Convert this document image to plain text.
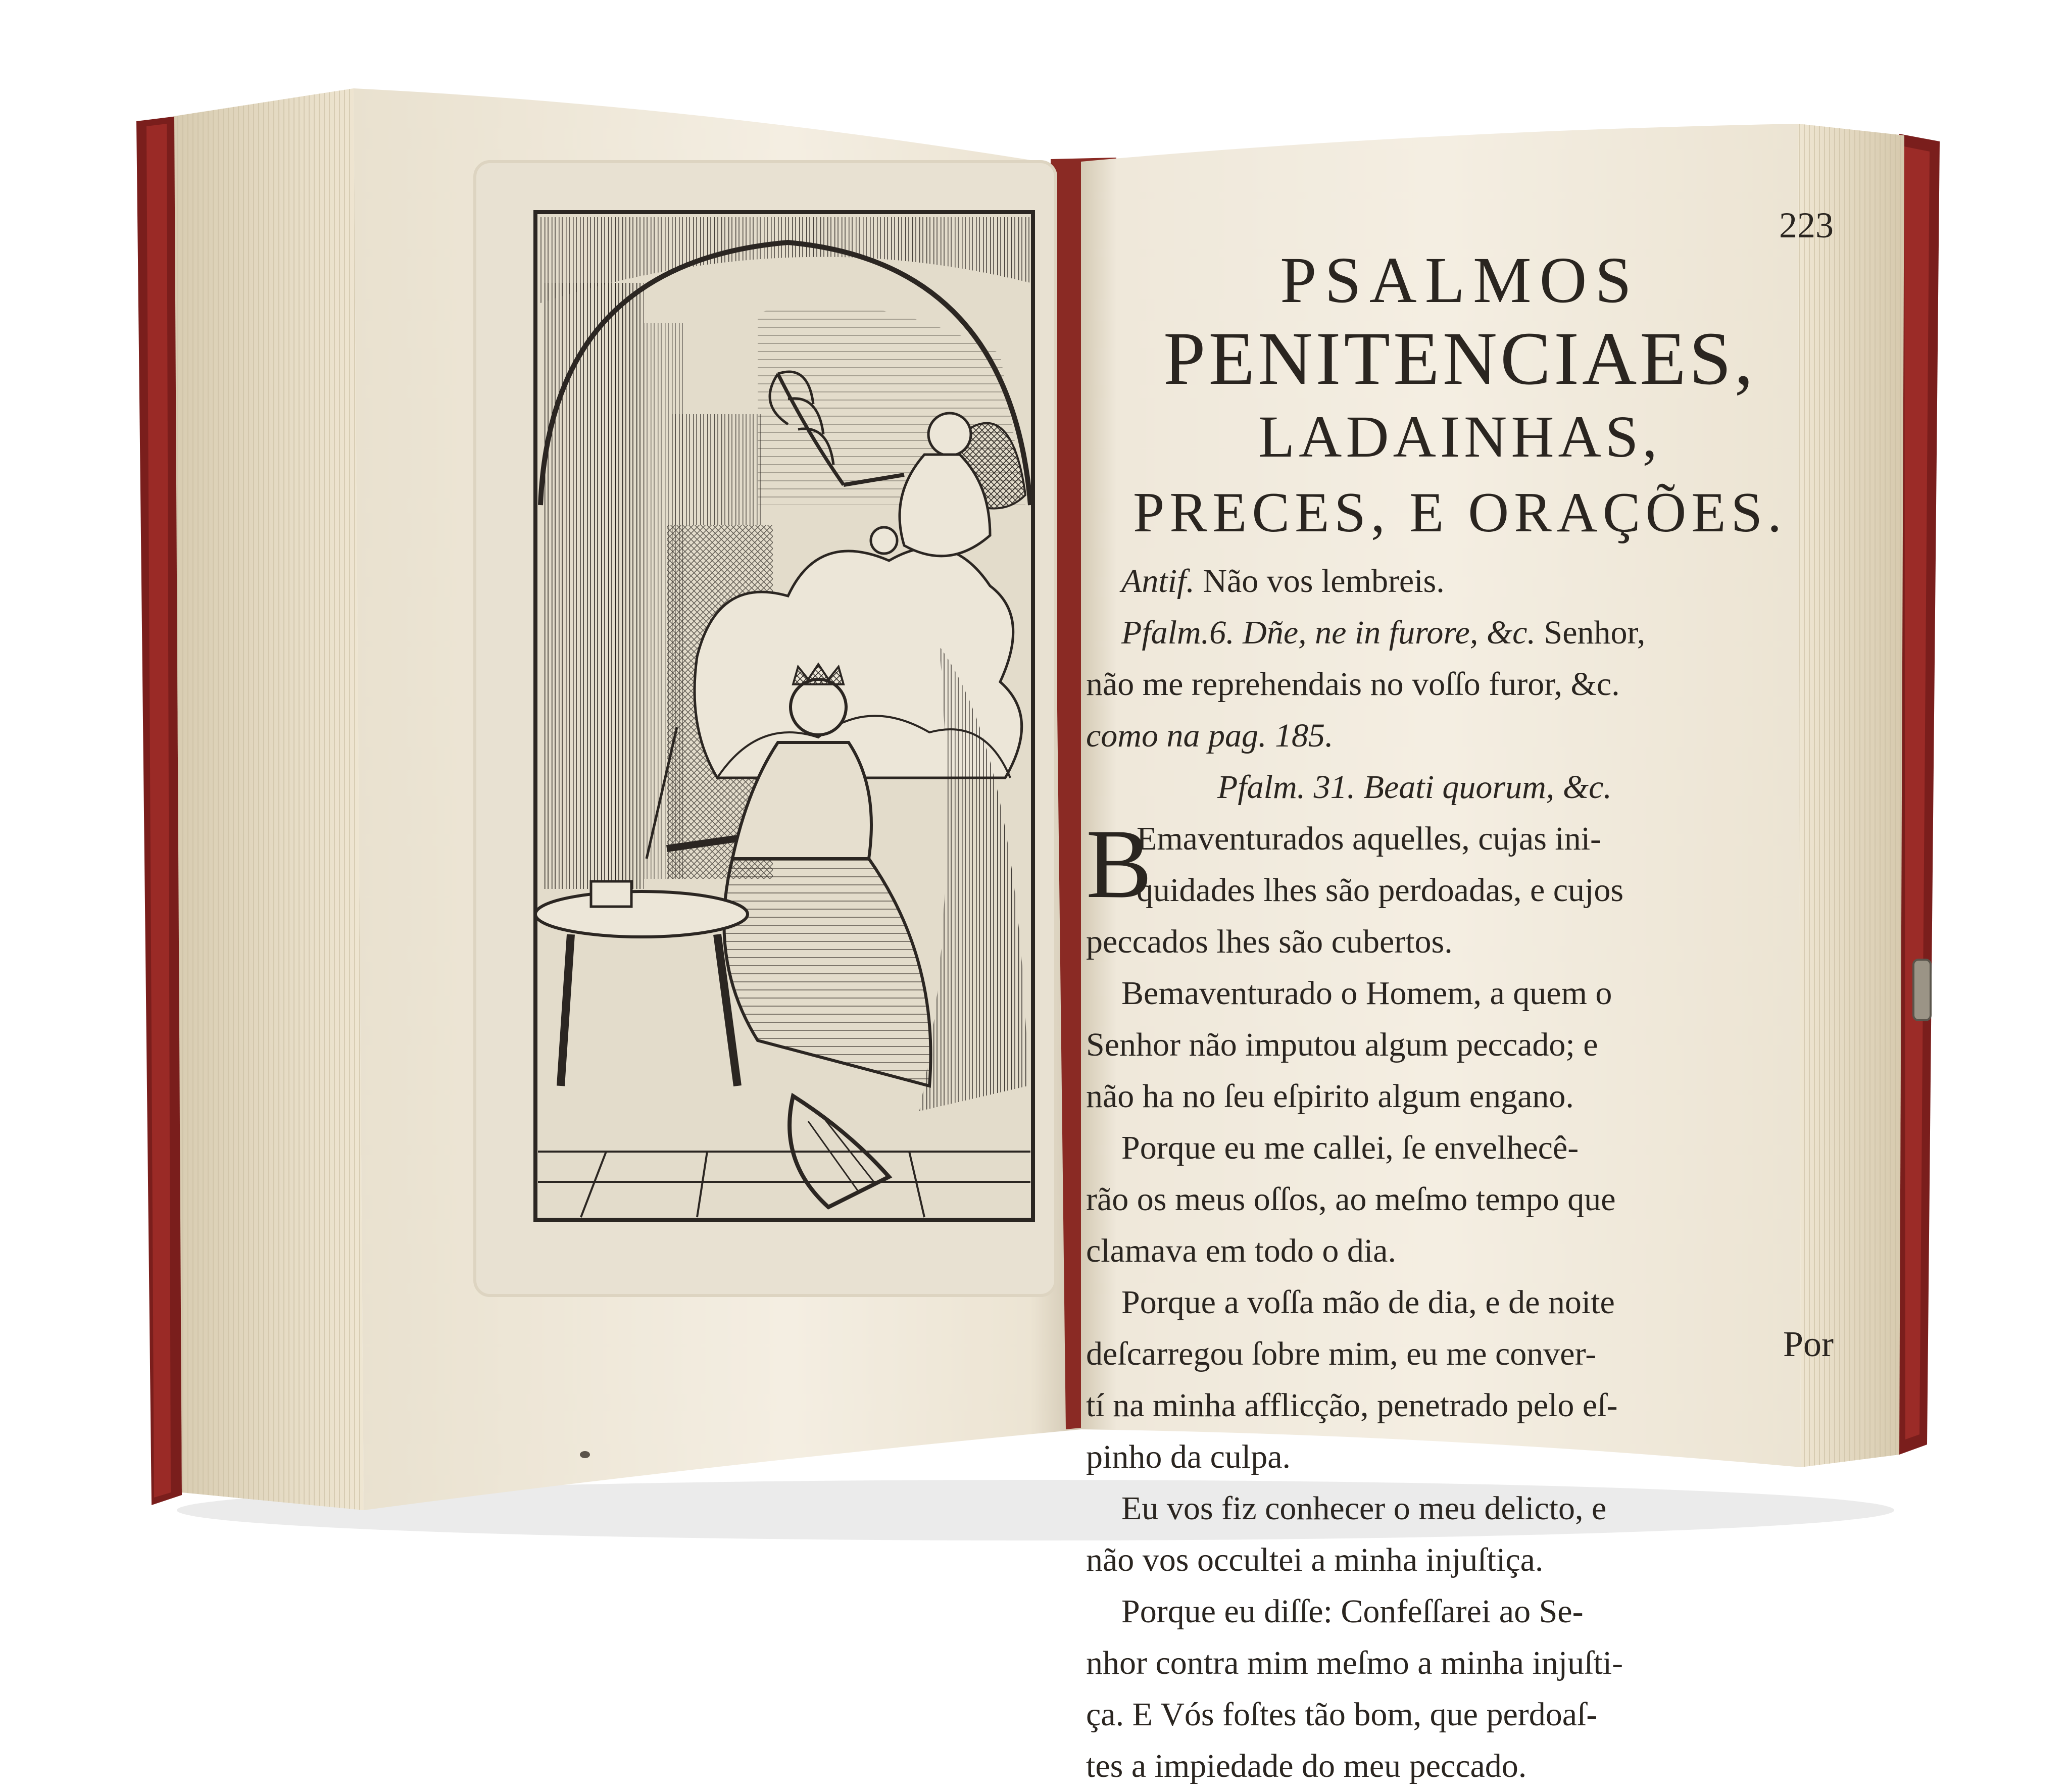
223
PSALMOS
PENITENCIAES,
LADAINHAS,
PRECES, E ORAÇÕES.
Antif. Não vos lembreis.
Pfalm.6. Dñe, ne in furore, &c. Senhor,
não me reprehendais no voſſo furor, &c.
como na pag. 185.
Pfalm. 31. Beati quorum, &c.
B
Emaventurados aquelles, cujas ini-
quidades lhes são perdoadas, e cujos
peccados lhes são cubertos.
Bemaventurado o Homem, a quem o
Senhor não imputou algum peccado; e
não ha no ſeu eſpirito algum engano.
Porque eu me callei, ſe envelhecê-
rão os meus oſſos, ao meſmo tempo que
clamava em todo o dia.
Porque a voſſa mão de dia, e de noite
deſcarregou ſobre mim, eu me conver-
tí na minha afflicção, penetrado pelo eſ-
pinho da culpa.
Eu vos fiz conhecer o meu delicto, e
não vos occultei a minha injuſtiça.
Porque eu diſſe: Confeſſarei ao Se-
nhor contra mim meſmo a minha injuſti-
ça. E Vós foſtes tão bom, que perdoaſ-
tes a impiedade do meu peccado.
Por
